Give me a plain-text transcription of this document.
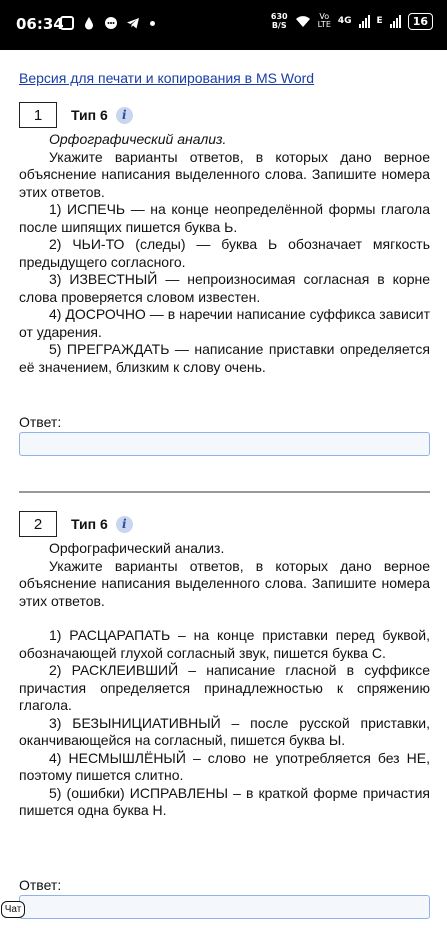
06:34	630
B/S
Vo
LTE 4G	E	16
Версия для печати и копирования в MS Word
1	Тип 6	i

Орфографический анализ.

Укажите варианты ответов, в которых дано верное объяснение написания выделенного слова. Запишите номера этих ответов.

1) ИСПЕЧЬ — на конце неопределённой формы глагола после шипящих пишется буква Ь.

2) ЧЬИ-ТО (следы) — буква Ь обозначает мягкость предыдущего согласного.

3) ИЗВЕСТНЫЙ — непроизносимая согласная в корне слова проверяется словом известен.

4) ДОСРОЧНО — в наречии написание суффикса зависит от ударения.

5) ПРЕГРАЖДАТЬ — написание приставки определяется её значением, близким к слову очень.

Ответ:
2	Тип 6	i

Орфографический анализ.

Укажите варианты ответов, в которых дано верное объяснение написания выделенного слова. Запишите номера этих ответов.

1) РАСЦАРАПАТЬ – на конце приставки перед буквой, обозначающей глухой согласный звук, пишется буква С.

2) РАСКЛЕИВШИЙ – написание гласной в суффиксе причастия определяется принадлежностью к спряжению глагола.

3) БЕЗЫНИЦИАТИВНЫЙ – после русской приставки, оканчивающейся на согласный, пишется буква Ы.

4) НЕСМЫШЛЁНЫЙ – слово не употребляется без НЕ, поэтому пишется слитно.

5) (ошибки) ИСПРАВЛЕНЫ – в краткой форме причастия пишется одна буква Н.

Ответ:
Чат
